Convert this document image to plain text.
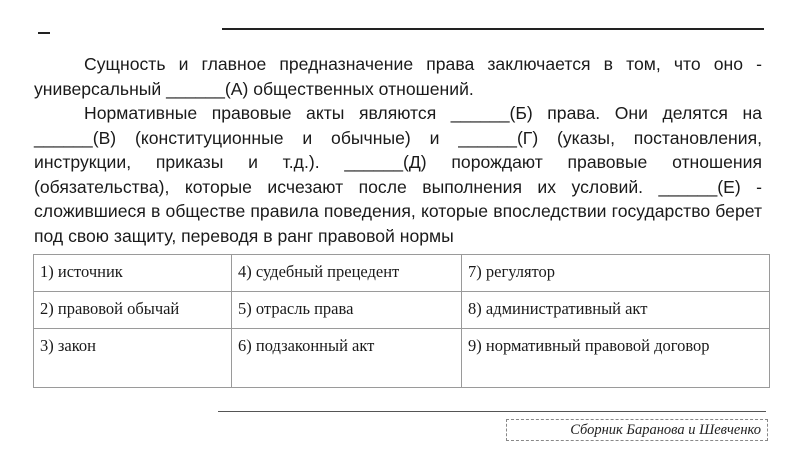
Сущность и главное предназначение права заключается в том, что оно - универсальный ______(А) общественных отношений.

Нормативные правовые акты являются ______(Б) права. Они делятся на ______(В) (конституционные и обычные) и ______(Г) (указы, постановления, инструкции, приказы и т.д.). ______(Д) порождают правовые отношения (обязательства), которые исчезают после выполнения их условий. ______(Е) - сложившиеся в обществе правила поведения, которые впоследствии государство берет под свою защиту, переводя в ранг правовой нормы

1) источник	4) судебный прецедент	7) регулятор
2) правовой обычай	5) отрасль права	8) административный акт
3) закон	6) подзаконный акт	9) нормативный правовой договор
Сборник Баранова и Шевченко
